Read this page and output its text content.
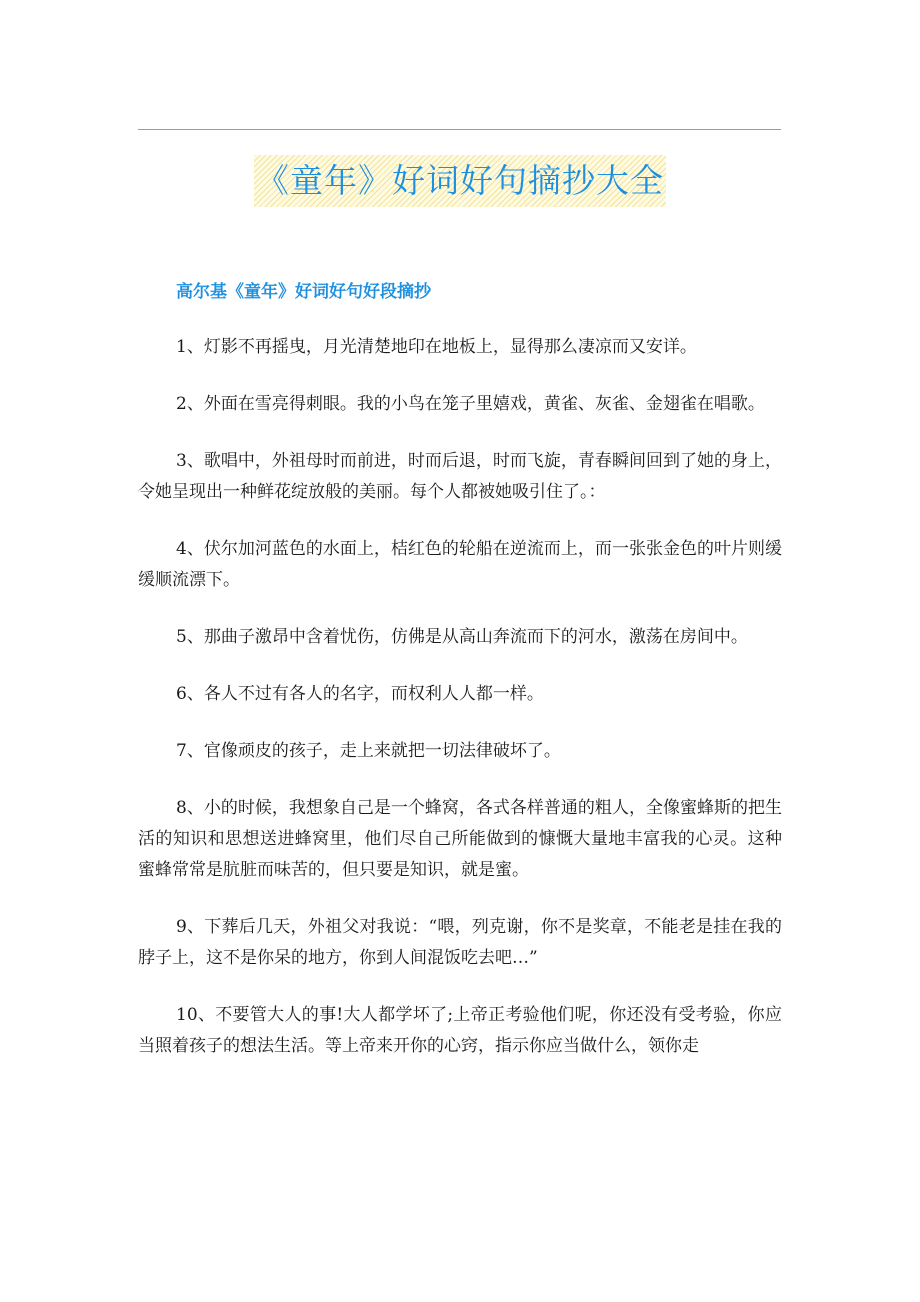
《童年》好词好句摘抄大全
高尔基《童年》好词好句好段摘抄

1、灯影不再摇曳，月光清楚地印在地板上，显得那么凄凉而又安详。

2、外面在雪亮得刺眼。我的小鸟在笼子里嬉戏，黄雀、灰雀、金翅雀在唱歌。

3、歌唱中，外祖母时而前进，时而后退，时而飞旋，青春瞬间回到了她的身上，令她呈现出一种鲜花绽放般的美丽。每个人都被她吸引住了。：

4、伏尔加河蓝色的水面上，桔红色的轮船在逆流而上，而一张张金色的叶片则缓缓顺流漂下。

5、那曲子激昂中含着忧伤，仿佛是从高山奔流而下的河水，激荡在房间中。

6、各人不过有各人的名字，而权利人人都一样。

7、官像顽皮的孩子，走上来就把一切法律破坏了。

8、小的时候，我想象自己是一个蜂窝，各式各样普通的粗人，全像蜜蜂斯的把生活的知识和思想送进蜂窝里，他们尽自己所能做到的慷慨大量地丰富我的心灵。这种蜜蜂常常是肮脏而味苦的，但只要是知识，就是蜜。

9、下葬后几天，外祖父对我说：“喂，列克谢，你不是奖章，不能老是挂在我的脖子上，这不是你呆的地方，你到人间混饭吃去吧…”

10、不要管大人的事!大人都学坏了;上帝正考验他们呢，你还没有受考验，你应当照着孩子的想法生活。等上帝来开你的心窍，指示你应当做什么，领你走
